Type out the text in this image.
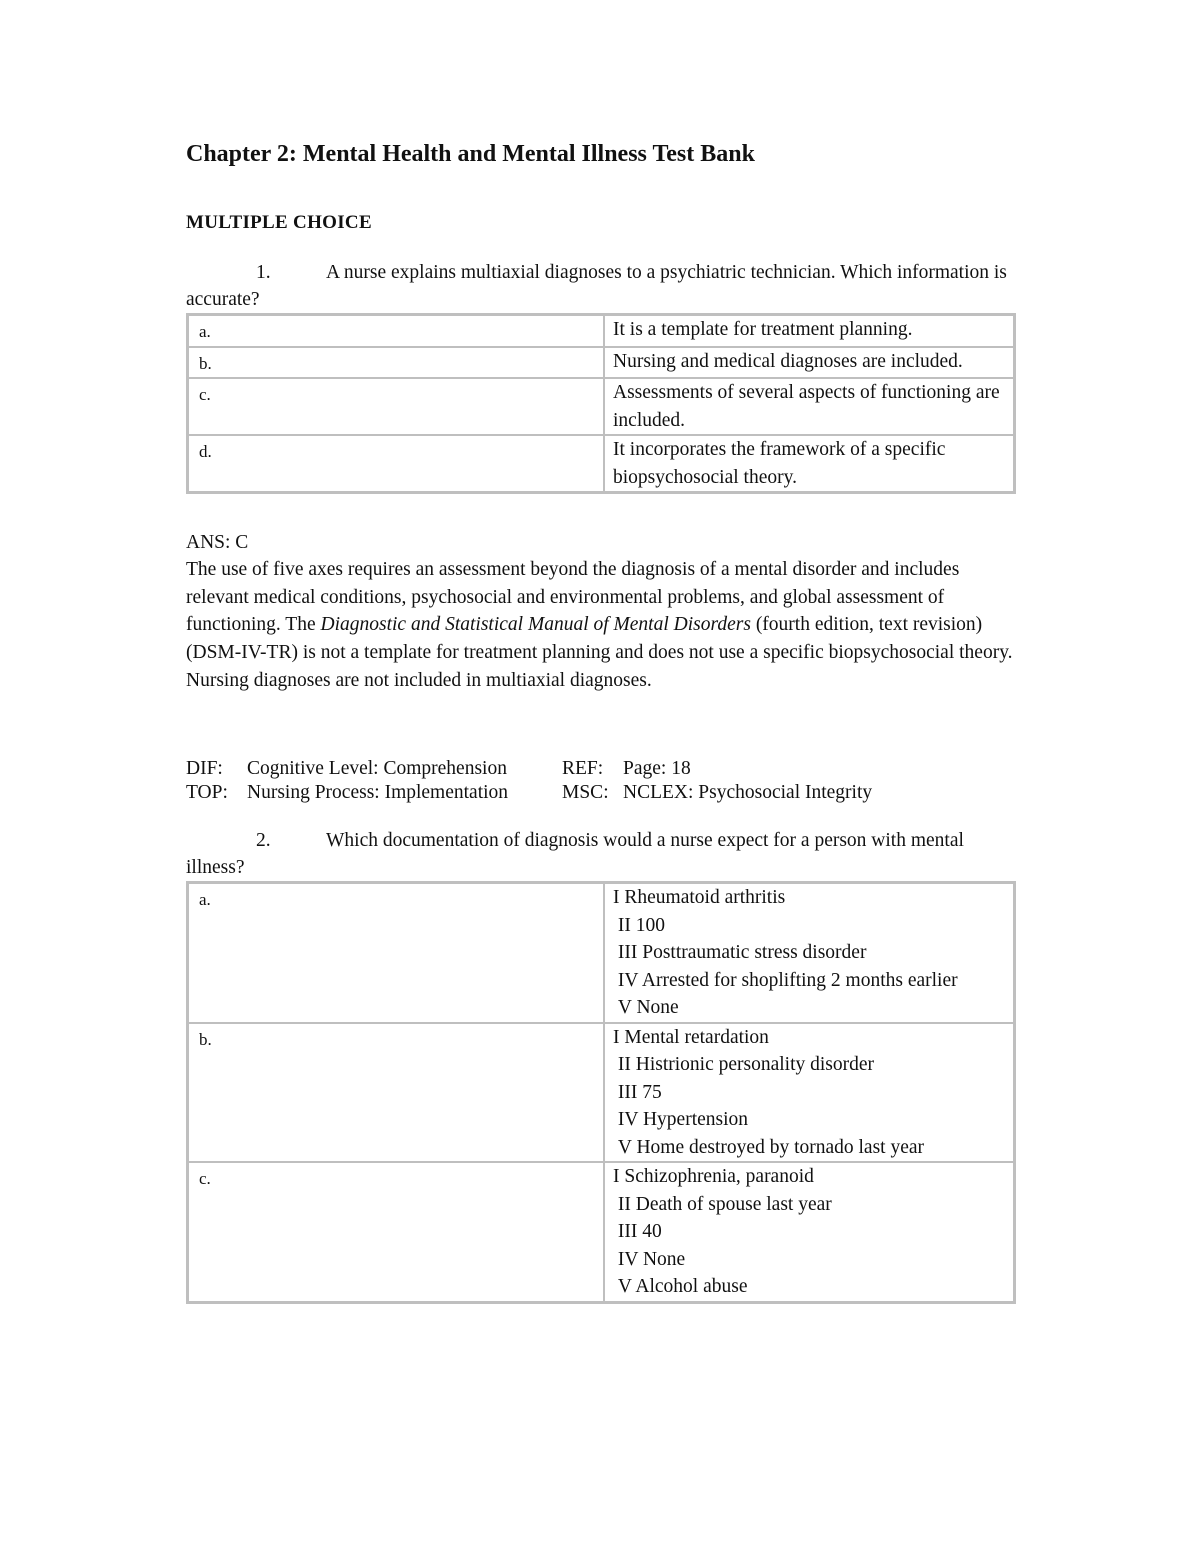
Chapter 2: Mental Health and Mental Illness Test Bank
MULTIPLE CHOICE
1.	A nurse explains multiaxial diagnoses to a psychiatric technician. Which information is accurate?
a.	It is a template for treatment planning.
b.	Nursing and medical diagnoses are included.
c.	Assessments of several aspects of functioning are included.
d.	It incorporates the framework of a specific biopsychosocial theory.
ANS: C
The use of five axes requires an assessment beyond the diagnosis of a mental disorder and includes relevant medical conditions, psychosocial and environmental problems, and global assessment of functioning. The Diagnostic and Statistical Manual of Mental Disorders (fourth edition, text revision) (DSM-IV-TR) is not a template for treatment planning and does not use a specific biopsychosocial theory. Nursing diagnoses are not included in multiaxial diagnoses.
DIF: Cognitive Level: Comprehension	REF: Page: 18
TOP: Nursing Process: Implementation	MSC: NCLEX: Psychosocial Integrity
2.	Which documentation of diagnosis would a nurse expect for a person with mental illness?
a.	I Rheumatoid arthritis
II 100
III Posttraumatic stress disorder
IV Arrested for shoplifting 2 months earlier
V None

b.	I Mental retardation
II Histrionic personality disorder
III 75
IV Hypertension
V Home destroyed by tornado last year

c.	I Schizophrenia, paranoid
II Death of spouse last year
III 40
IV None
V Alcohol abuse
